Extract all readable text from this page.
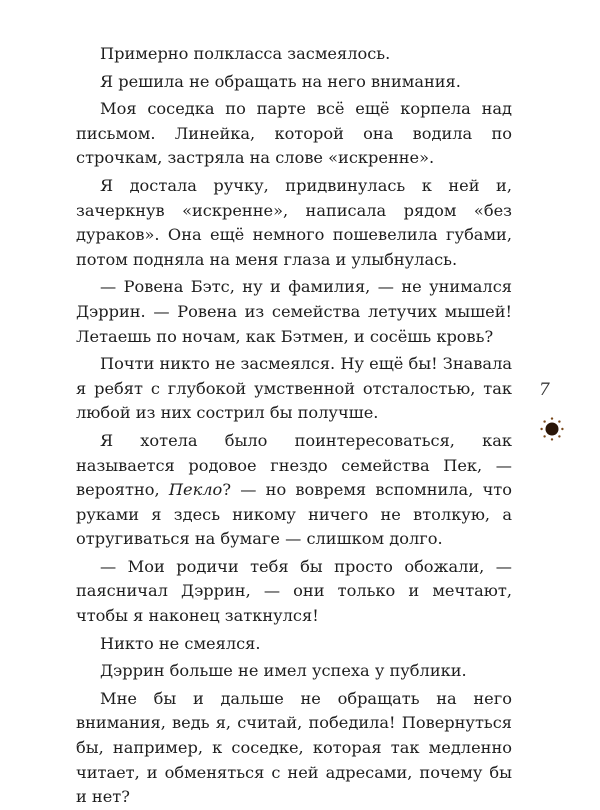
Примерно полкласса засмеялось.

Я решила не обращать на него внимания.

Моя соседка по парте всё ещё корпела над письмом. Линейка, которой она водила по строчкам, застряла на слове «искренне».

Я достала ручку, придвинулась к ней и, зачеркнув «искренне», написала рядом «без дураков». Она ещё немного пошевелила губами, потом подняла на меня глаза и улыбнулась.

— Ровена Бэтс, ну и фамилия, — не унимался Дэррин. — Ровена из семейства летучих мышей! Летаешь по ночам, как Бэтмен, и сосёшь кровь?

Почти никто не засмеялся. Ну ещё бы! Знавала я ребят с глубокой умственной отсталостью, так любой из них сострил бы получше.

Я хотела было поинтересоваться, как называется родовое гнездо семейства Пек, — вероятно, Пекло? — но вовремя вспомнила, что руками я здесь никому ничего не втолкую, а отругиваться на бумаге — слишком долго.

— Мои родичи тебя бы просто обожали, — паясничал Дэррин, — они только и мечтают, чтобы я наконец заткнулся!

Никто не смеялся.

Дэррин больше не имел успеха у публики.

Мне бы и дальше не обращать на него внимания, ведь я, считай, победила! Повернуться бы, например, к соседке, которая так медленно читает, и обменяться с ней адресами, почему бы и нет?

7
